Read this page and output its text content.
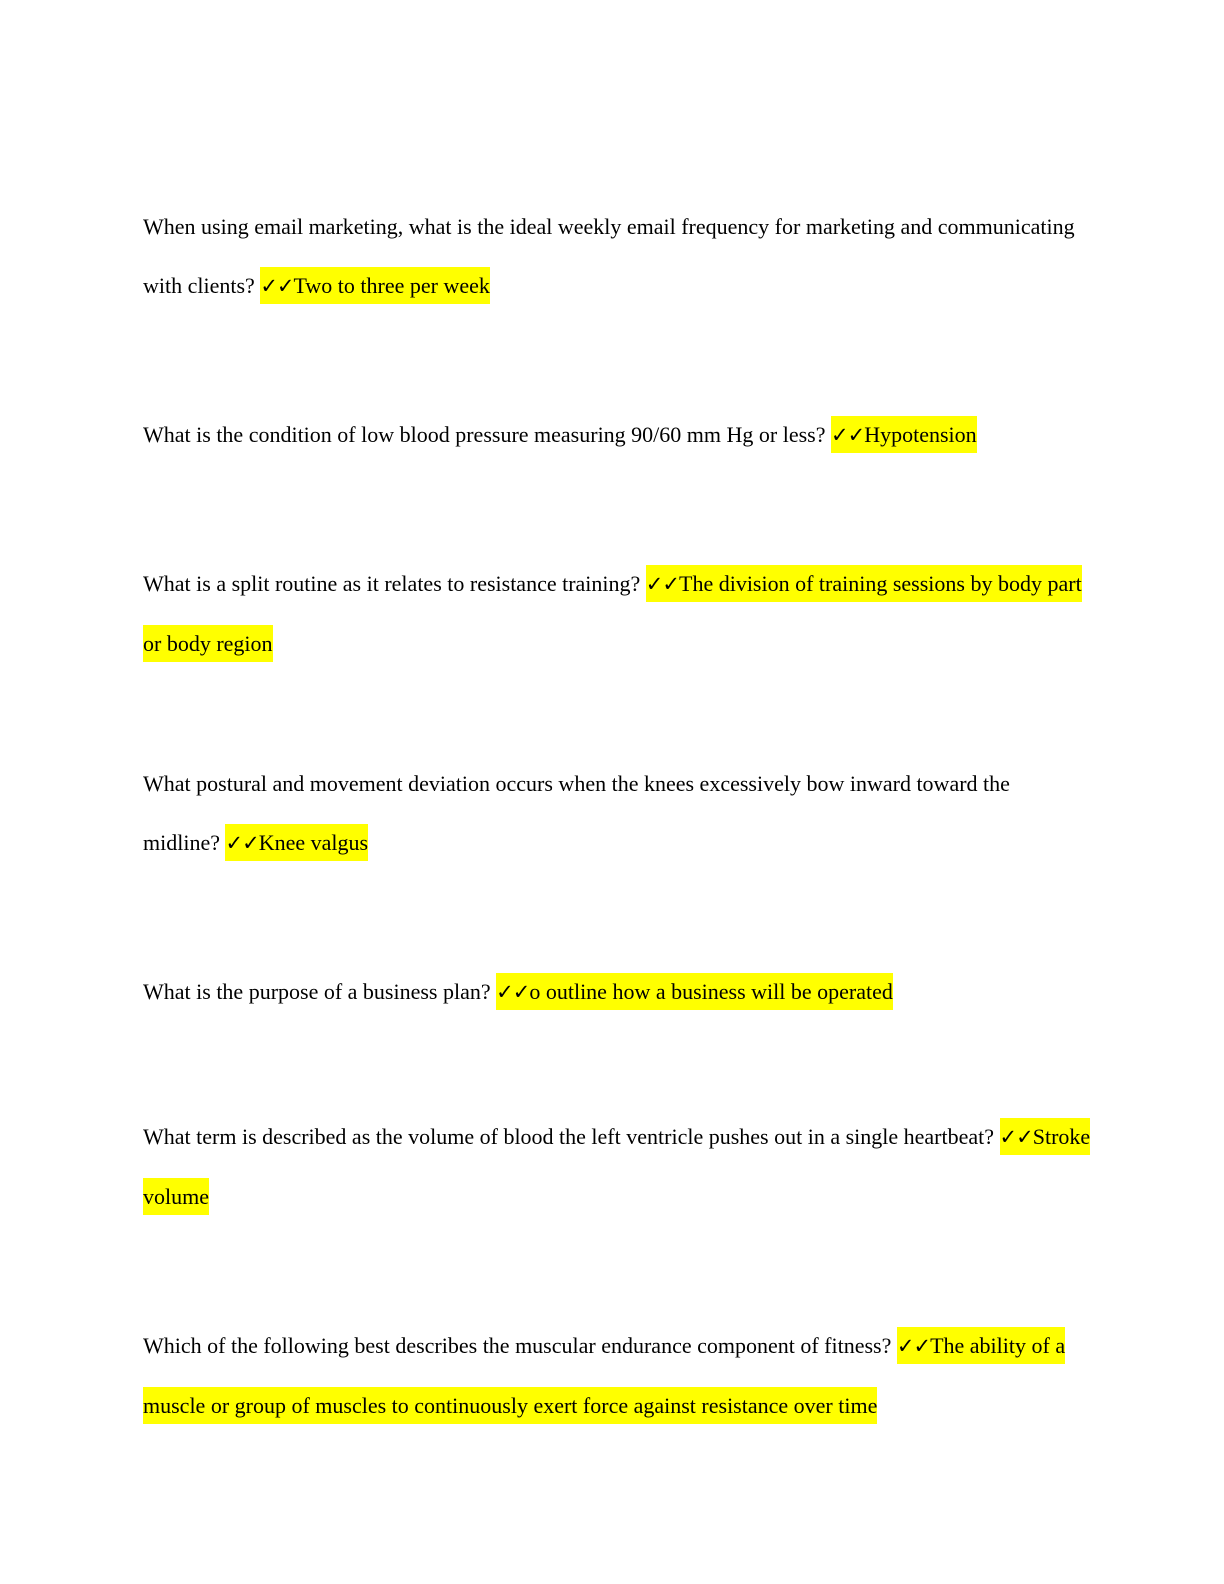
When using email marketing, what is the ideal weekly email frequency for marketing and communicating with clients? ✓✓Two to three per week

What is the condition of low blood pressure measuring 90/60 mm Hg or less? ✓✓Hypotension

What is a split routine as it relates to resistance training? ✓✓The division of training sessions by body part or body region

What postural and movement deviation occurs when the knees excessively bow inward toward the midline? ✓✓Knee valgus

What is the purpose of a business plan? ✓✓o outline how a business will be operated

What term is described as the volume of blood the left ventricle pushes out in a single heartbeat? ✓✓Stroke volume

Which of the following best describes the muscular endurance component of fitness? ✓✓The ability of a muscle or group of muscles to continuously exert force against resistance over time
